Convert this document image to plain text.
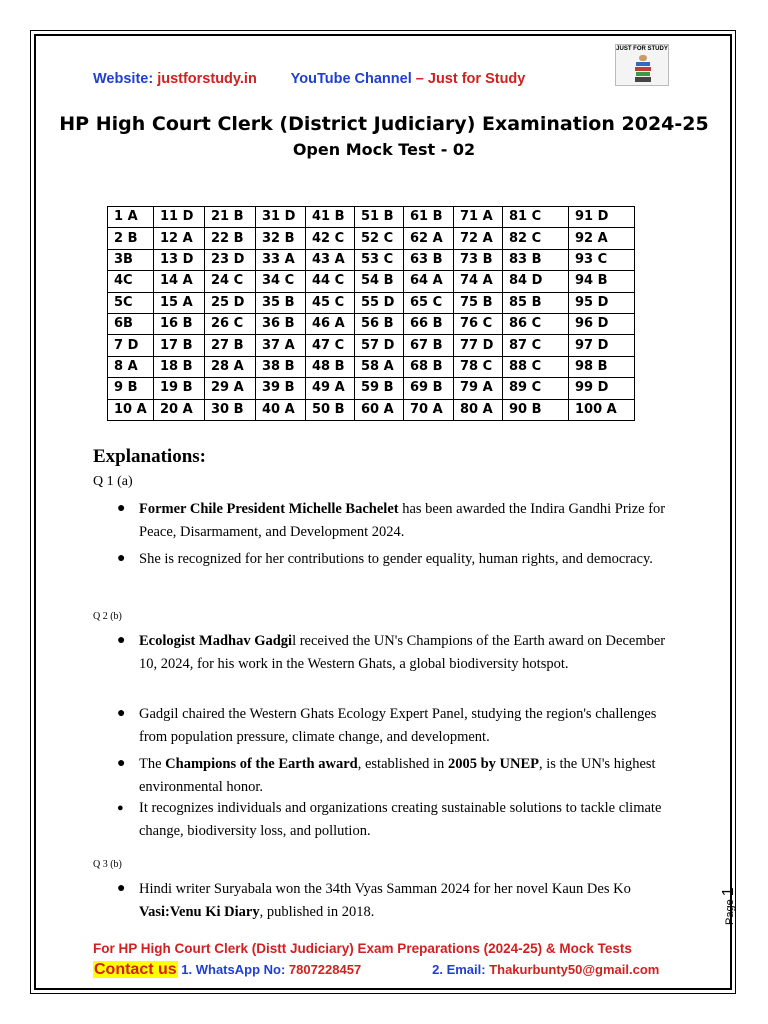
Website: justforstudy.in YouTube Channel – Just for Study
JUST FOR STUDY
HP High Court Clerk (District Judiciary) Examination 2024-25
Open Mock Test - 02
1 A	11 D	21 B	31 D	41 B	51 B	61 B	71 A	81 C	91 D
2 B	12 A	22 B	32 B	42 C	52 C	62 A	72 A	82 C	92 A
3B	13 D	23 D	33 A	43 A	53 C	63 B	73 B	83 B	93 C
4C	14 A	24 C	34 C	44 C	54 B	64 A	74 A	84 D	94 B
5C	15 A	25 D	35 B	45 C	55 D	65 C	75 B	85 B	95 D
6B	16 B	26 C	36 B	46 A	56 B	66 B	76 C	86 C	96 D
7 D	17 B	27 B	37 A	47 C	57 D	67 B	77 D	87 C	97 D
8 A	18 B	28 A	38 B	48 B	58 A	68 B	78 C	88 C	98 B
9 B	19 B	29 A	39 B	49 A	59 B	69 B	79 A	89 C	99 D
10 A	20 A	30 B	40 A	50 B	60 A	70 A	80 A	90 B	100 A
Explanations:
Q 1 (a)
● Former Chile President Michelle Bachelet has been awarded the Indira Gandhi Prize for Peace, Disarmament, and Development 2024.
● She is recognized for her contributions to gender equality, human rights, and democracy.
Q 2 (b)
● Ecologist Madhav Gadgil received the UN's Champions of the Earth award on December 10, 2024, for his work in the Western Ghats, a global biodiversity hotspot.
● Gadgil chaired the Western Ghats Ecology Expert Panel, studying the region's challenges from population pressure, climate change, and development.
● The Champions of the Earth award, established in 2005 by UNEP, is the UN's highest environmental honor.
● It recognizes individuals and organizations creating sustainable solutions to tackle climate change, biodiversity loss, and pollution.
Q 3 (b)
● Hindi writer Suryabala won the 34th Vyas Samman 2024 for her novel Kaun Des Ko Vasi:Venu Ki Diary, published in 2018.	Page 1
For HP High Court Clerk (Distt Judiciary) Exam Preparations (2024-25) & Mock Tests
Contact us 1. WhatsApp No: 7807228457	2. Email: Thakurbunty50@gmail.com
